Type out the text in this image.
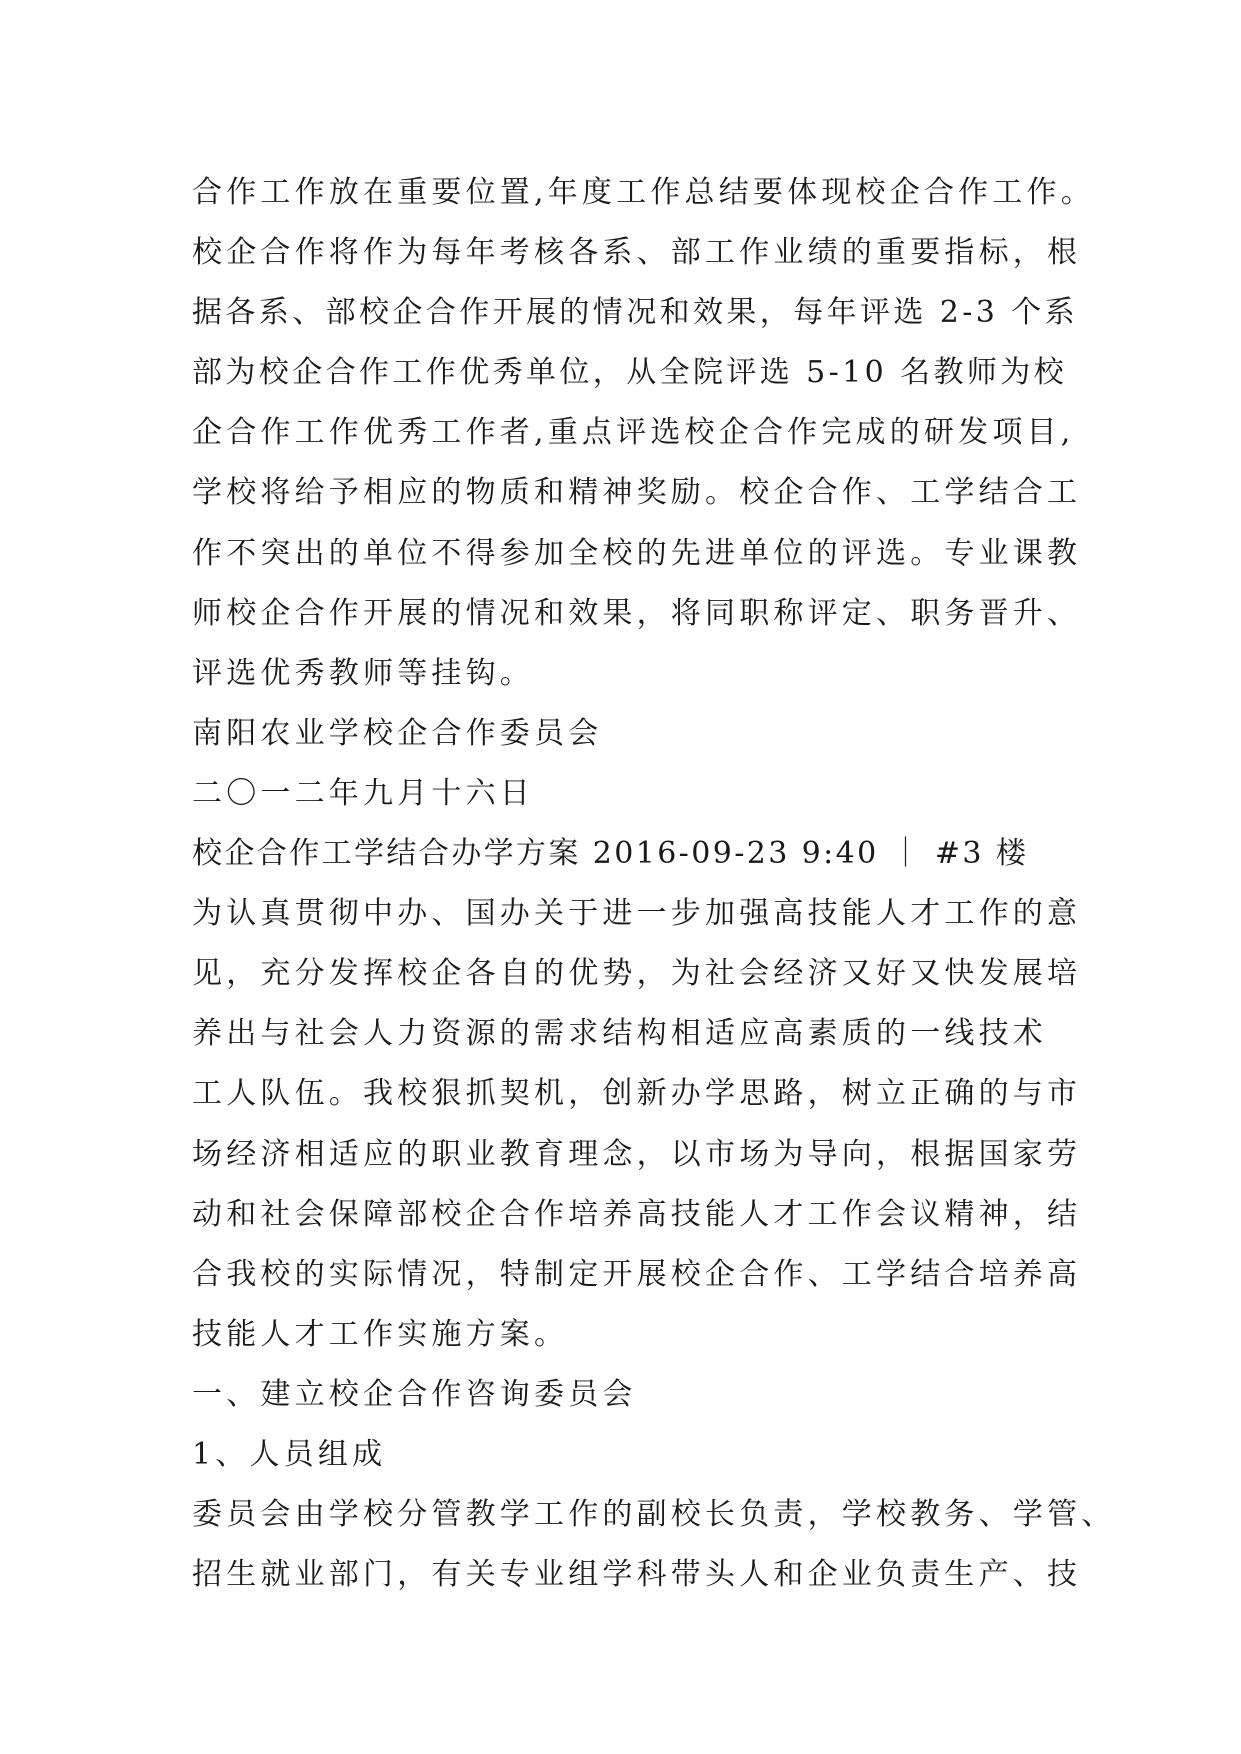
合作工作放在重要位置,年度工作总结要体现校企合作工作。
校企合作将作为每年考核各系、部工作业绩的重要指标，根
据各系、部校企合作开展的情况和效果，每年评选 2-3 个系
部为校企合作工作优秀单位，从全院评选 5-10 名教师为校
企合作工作优秀工作者,重点评选校企合作完成的研发项目,
学校将给予相应的物质和精神奖励。校企合作、工学结合工
作不突出的单位不得参加全校的先进单位的评选。专业课教
师校企合作开展的情况和效果，将同职称评定、职务晋升、
评选优秀教师等挂钩。
南阳农业学校企合作委员会
二〇一二年九月十六日
校企合作工学结合办学方案 2016-09-23 9:40 ｜ #3 楼
为认真贯彻中办、国办关于进一步加强高技能人才工作的意
见，充分发挥校企各自的优势，为社会经济又好又快发展培
养出与社会人力资源的需求结构相适应高素质的一线技术
工人队伍。我校狠抓契机，创新办学思路，树立正确的与市
场经济相适应的职业教育理念，以市场为导向，根据国家劳
动和社会保障部校企合作培养高技能人才工作会议精神，结
合我校的实际情况，特制定开展校企合作、工学结合培养高
技能人才工作实施方案。
一、建立校企合作咨询委员会
1、人员组成
委员会由学校分管教学工作的副校长负责，学校教务、学管、
招生就业部门，有关专业组学科带头人和企业负责生产、技
